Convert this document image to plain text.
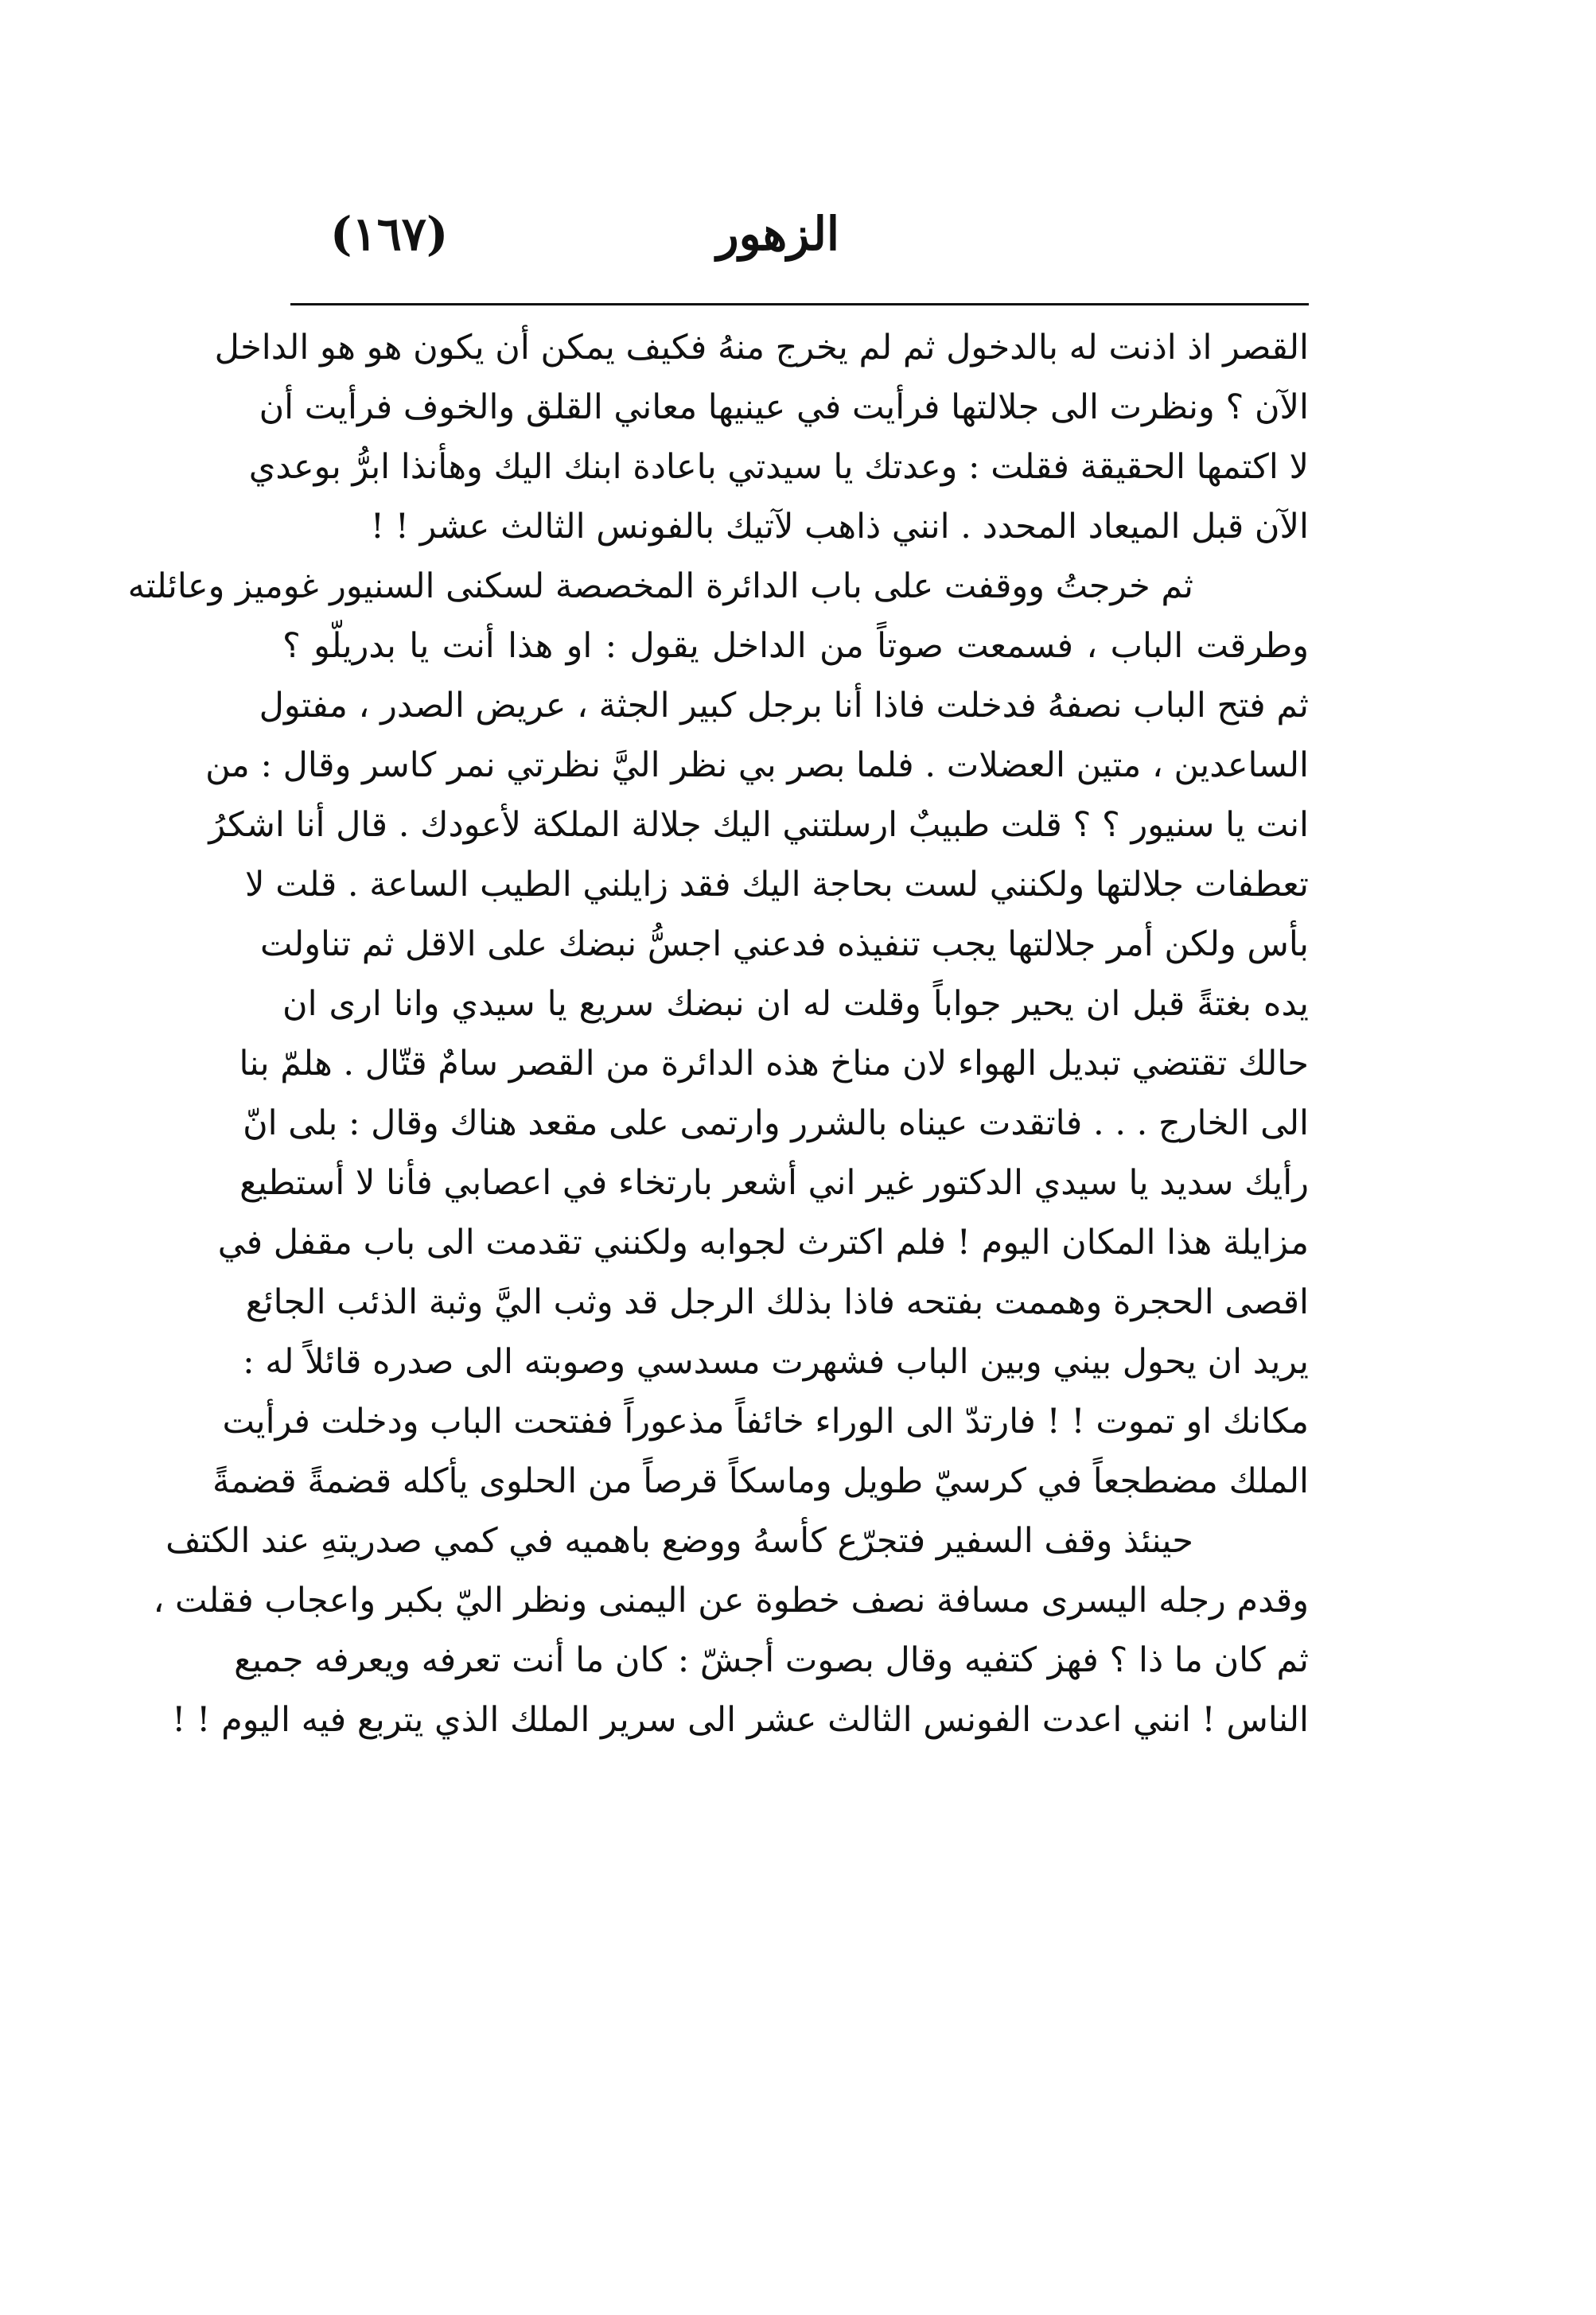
الزهور
(١٦٧)
القصر اذ اذنت له بالدخول ثم لم يخرج منهُ فكيف يمكن أن يكون هو هو الداخل
الآن ؟ ونظرت الى جلالتها فرأيت في عينيها معاني القلق والخوف فرأيت أن
لا اكتمها الحقيقة فقلت : وعدتك يا سيدتي باعادة ابنك اليك وهأنذا ابرُّ بوعدي
الآن قبل الميعاد المحدد . انني ذاهب لآتيك بالفونس الثالث عشر ! !
ثم خرجتُ ووقفت على باب الدائرة المخصصة لسكنى السنيور غوميز وعائلته
وطرقت الباب ، فسمعت صوتاً من الداخل يقول : او هذا أنت يا بدريلّو ؟
ثم فتح الباب نصفهُ فدخلت فاذا أنا برجل كبير الجثة ، عريض الصدر ، مفتول
الساعدين ، متين العضلات . فلما بصر بي نظر اليَّ نظرتي نمر كاسر وقال : من
انت يا سنيور ؟ ؟ قلت طبيبٌ ارسلتني اليك جلالة الملكة لأعودك . قال أنا اشكرُ
تعطفات جلالتها ولكنني لست بحاجة اليك فقد زايلني الطيب الساعة . قلت لا
بأس ولكن أمر جلالتها يجب تنفيذه فدعني اجسُّ نبضك على الاقل ثم تناولت
يده بغتةً قبل ان يحير جواباً وقلت له ان نبضك سريع يا سيدي وانا ارى ان
حالك تقتضي تبديل الهواء لان مناخ هذه الدائرة من القصر سامٌ قتّال . هلمّ بنا
الى الخارج . . . فاتقدت عيناه بالشرر وارتمى على مقعد هناك وقال : بلى انّ
رأيك سديد يا سيدي الدكتور غير اني أشعر بارتخاء في اعصابي فأنا لا أستطيع
مزايلة هذا المكان اليوم ! فلم اكترث لجوابه ولكنني تقدمت الى باب مقفل في
اقصى الحجرة وهممت بفتحه فاذا بذلك الرجل قد وثب اليَّ وثبة الذئب الجائع
يريد ان يحول بيني وبين الباب فشهرت مسدسي وصوبته الى صدره قائلاً له :
مكانك او تموت ! ! فارتدّ الى الوراء خائفاً مذعوراً ففتحت الباب ودخلت فرأيت
الملك مضطجعاً في كرسيّ طويل وماسكاً قرصاً من الحلوى يأكله قضمةً قضمةً
حينئذ وقف السفير فتجرّع كأسهُ ووضع باهميه في كمي صدريتهِ عند الكتف
وقدم رجله اليسرى مسافة نصف خطوة عن اليمنى ونظر اليّ بكبر واعجاب فقلت ،
ثم كان ما ذا ؟ فهز كتفيه وقال بصوت أجشّ : كان ما أنت تعرفه ويعرفه جميع
الناس ! انني اعدت الفونس الثالث عشر الى سرير الملك الذي يتربع فيه اليوم ! !
